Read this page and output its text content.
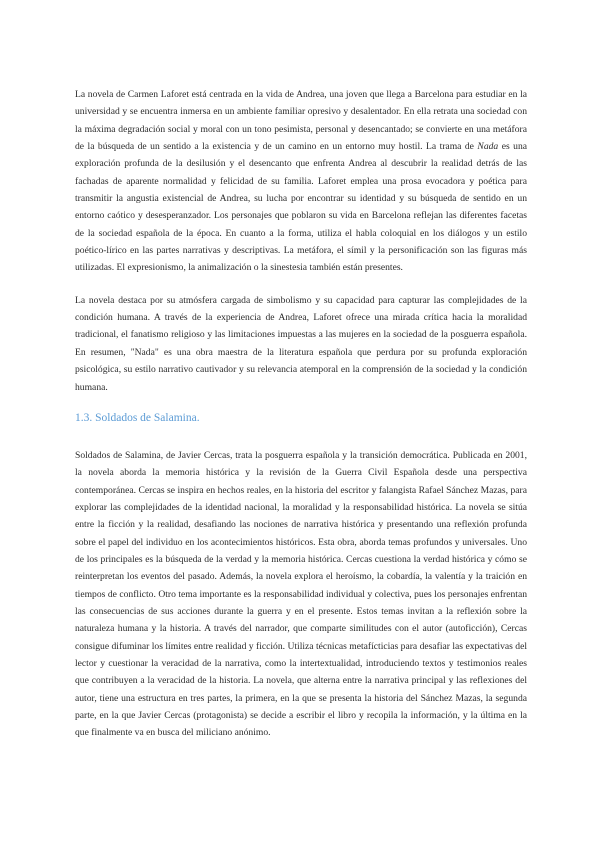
La novela de Carmen Laforet está centrada en la vida de Andrea, una joven que llega a Barcelona para estudiar en la universidad y se encuentra inmersa en un ambiente familiar opresivo y desalentador. En ella retrata una sociedad con la máxima degradación social y moral con un tono pesimista, personal y desencantado; se convierte en una metáfora de la búsqueda de un sentido a la existencia y de un camino en un entorno muy hostil. La trama de Nada es una exploración profunda de la desilusión y el desencanto que enfrenta Andrea al descubrir la realidad detrás de las fachadas de aparente normalidad y felicidad de su familia. Laforet emplea una prosa evocadora y poética para transmitir la angustia existencial de Andrea, su lucha por encontrar su identidad y su búsqueda de sentido en un entorno caótico y desesperanzador. Los personajes que poblaron su vida en Barcelona reflejan las diferentes facetas de la sociedad española de la época. En cuanto a la forma, utiliza el habla coloquial en los diálogos y un estilo poético-lírico en las partes narrativas y descriptivas. La metáfora, el símil y la personificación son las figuras más utilizadas. El expresionismo, la animalización o la sinestesia también están presentes.

La novela destaca por su atmósfera cargada de simbolismo y su capacidad para capturar las complejidades de la condición humana. A través de la experiencia de Andrea, Laforet ofrece una mirada crítica hacia la moralidad tradicional, el fanatismo religioso y las limitaciones impuestas a las mujeres en la sociedad de la posguerra española. En resumen, "Nada" es una obra maestra de la literatura española que perdura por su profunda exploración psicológica, su estilo narrativo cautivador y su relevancia atemporal en la comprensión de la sociedad y la condición humana.

1.3. Soldados de Salamina.

Soldados de Salamina, de Javier Cercas, trata la posguerra española y la transición democrática. Publicada en 2001, la novela aborda la memoria histórica y la revisión de la Guerra Civil Española desde una perspectiva contemporánea. Cercas se inspira en hechos reales, en la historia del escritor y falangista Rafael Sánchez Mazas, para explorar las complejidades de la identidad nacional, la moralidad y la responsabilidad histórica. La novela se sitúa entre la ficción y la realidad, desafiando las nociones de narrativa histórica y presentando una reflexión profunda sobre el papel del individuo en los acontecimientos históricos. Esta obra, aborda temas profundos y universales. Uno de los principales es la búsqueda de la verdad y la memoria histórica. Cercas cuestiona la verdad histórica y cómo se reinterpretan los eventos del pasado. Además, la novela explora el heroísmo, la cobardía, la valentía y la traición en tiempos de conflicto. Otro tema importante es la responsabilidad individual y colectiva, pues los personajes enfrentan las consecuencias de sus acciones durante la guerra y en el presente. Estos temas invitan a la reflexión sobre la naturaleza humana y la historia. A través del narrador, que comparte similitudes con el autor (autoficción), Cercas consigue difuminar los límites entre realidad y ficción. Utiliza técnicas metafícticias para desafiar las expectativas del lector y cuestionar la veracidad de la narrativa, como la intertextualidad, introduciendo textos y testimonios reales que contribuyen a la veracidad de la historia. La novela, que alterna entre la narrativa principal y las reflexiones del autor, tiene una estructura en tres partes, la primera, en la que se presenta la historia del Sánchez Mazas, la segunda parte, en la que Javier Cercas (protagonista) se decide a escribir el libro y recopila la información, y la última en la que finalmente va en busca del miliciano anónimo.
